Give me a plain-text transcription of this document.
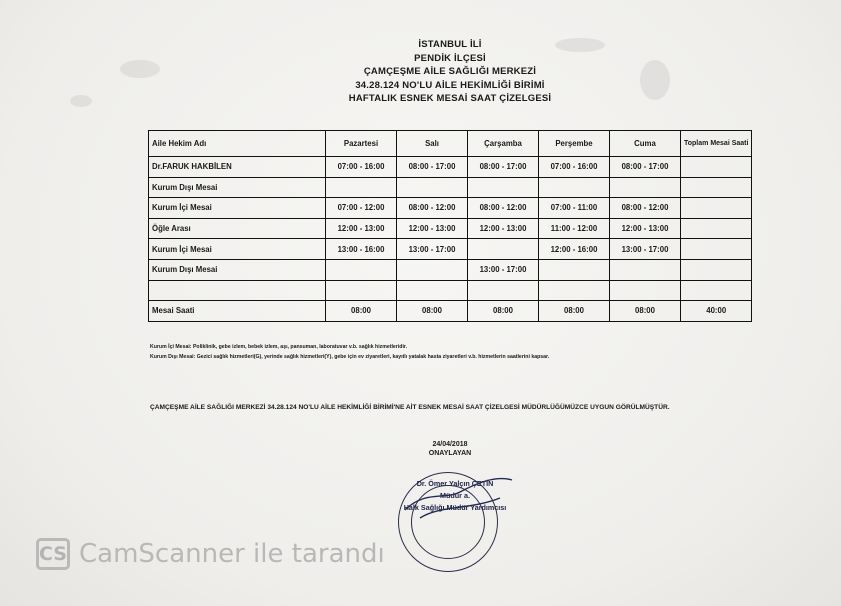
İSTANBUL İLİ
PENDİK İLÇESİ
ÇAMÇEŞME AİLE SAĞLIĞI MERKEZİ
34.28.124 NO'LU AİLE HEKİMLİĞİ BİRİMİ
HAFTALIK ESNEK MESAİ SAAT ÇİZELGESİ
Aile Hekim Adı	Pazartesi	Salı	Çarşamba	Perşembe	Cuma	Toplam Mesai Saati
Dr.FARUK HAKBİLEN	07:00 - 16:00	08:00 - 17:00	08:00 - 17:00	07:00 - 16:00	08:00 - 17:00	
Kurum Dışı Mesai						
Kurum İçi Mesai	07:00 - 12:00	08:00 - 12:00	08:00 - 12:00	07:00 - 11:00	08:00 - 12:00	
Öğle Arası	12:00 - 13:00	12:00 - 13:00	12:00 - 13:00	11:00 - 12:00	12:00 - 13:00	
Kurum İçi Mesai	13:00 - 16:00	13:00 - 17:00		12:00 - 16:00	13:00 - 17:00	
Kurum Dışı Mesai			13:00 - 17:00			

Mesai Saati	08:00	08:00	08:00	08:00	08:00	40:00
Kurum İçi Mesai: Poliklinik, gebe izlem, bebek izlem, aşı, pansuman, laboratuvar v.b. sağlık hizmetleridir.
Kurum Dışı Mesai: Gezici sağlık hizmetleri(G), yerinde sağlık hizmetleri(Y), gebe için ev ziyaretleri, kayıtlı yatalak hasta ziyaretleri v.b. hizmetlerin saatlerini kapsar.
ÇAMÇEŞME AİLE SAĞLIĞI MERKEZİ 34.28.124 NO'LU AİLE HEKİMLİĞİ BİRİMİ'NE AİT ESNEK MESAİ SAAT ÇİZELGESİ MÜDÜRLÜĞÜMÜZCE UYGUN GÖRÜLMÜŞTÜR.
24/04/2018
ONAYLAYAN
Dr. Ömer Yalçın ÇETİN
Müdür a.
Halk Sağlığı Müdür Yardımcısı
CS CamScanner ile tarandı
